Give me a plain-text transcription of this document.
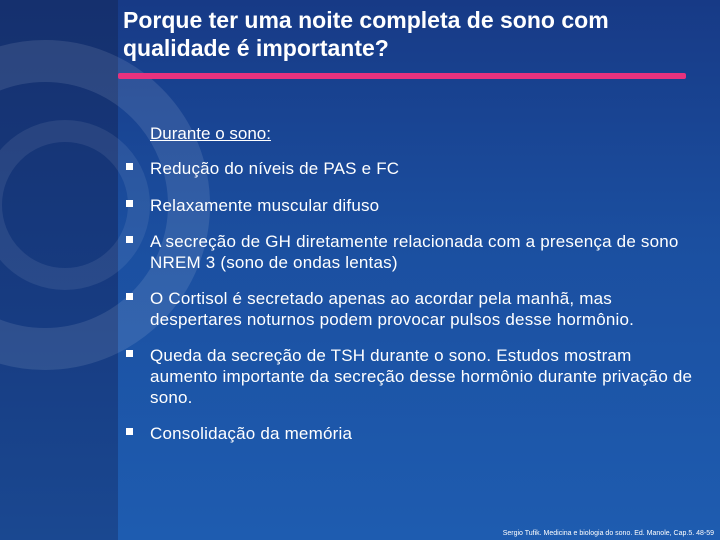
Porque ter uma noite completa de sono com qualidade é importante?
Durante o sono:
Redução do níveis de PAS e FC
Relaxamente muscular difuso
A secreção de GH diretamente relacionada com a presença de sono NREM 3 (sono de ondas lentas)
O Cortisol é secretado apenas ao acordar pela manhã, mas despertares noturnos podem provocar pulsos desse hormônio.
Queda da secreção de TSH durante o sono. Estudos mostram aumento importante da secreção desse hormônio durante privação de sono.
Consolidação da memória
Sergio Tufik. Medicina e biologia do sono. Ed. Manole, Cap.5. 48-59
